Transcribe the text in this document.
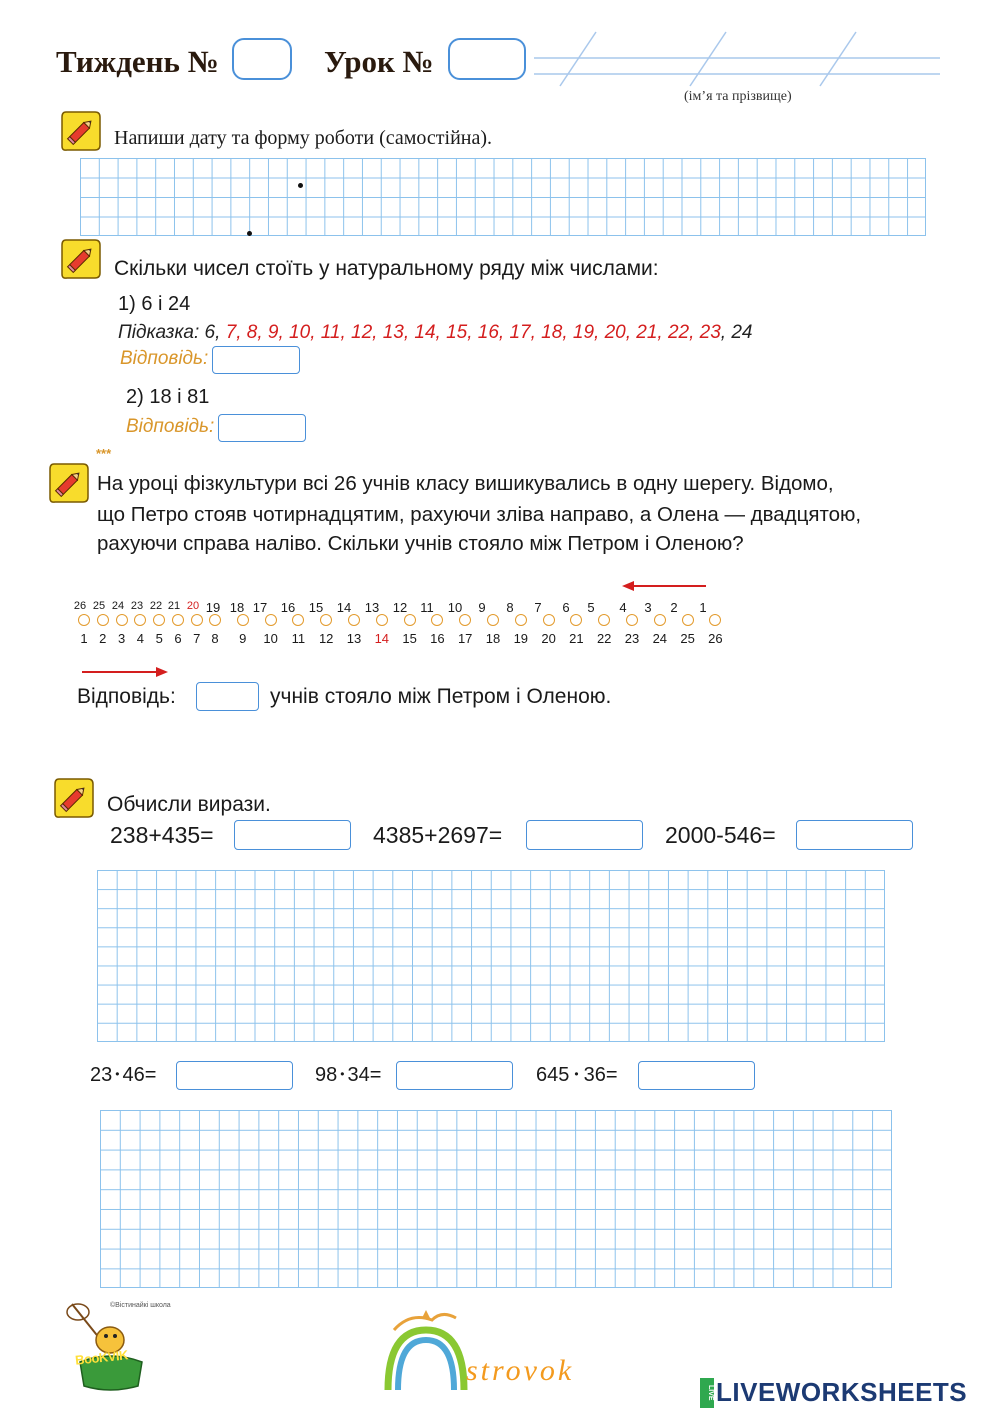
Тиждень №	Урок №
(ім’я та прізвище)
Напиши дату та форму роботи (самостійна).
Скільки чисел стоїть у натуральному ряду між числами:
1) 6 і 24
Підказка: 6, 7, 8, 9, 10, 11, 12, 13, 14, 15, 16, 17, 18, 19, 20, 21, 22, 23, 24
Відповідь:
2) 18 і 81
Відповідь:
***
На уроці фізкультури всі 26 учнів класу вишикувались в одну шерегу. Відомо,
що Петро стояв чотирнадцятим, рахуючи зліва направо, а Олена — двадцятою,
рахуючи справа наліво. Скільки учнів стояло між Петром і Оленою?
Відповідь:	учнів стояло між Петром і Оленою.
Обчисли вирази.
238+435=	4385+2697=	2000-546=
23 • 46=	98 • 34=	645 • 36=
©Вістинайкі школа
BooKVIK	strovok
LIVE LIVEWORKSHEETS
26 25 24 23 22 21 20 19 18 17 16 15 14 13 12	11	10	9	8	7	6	5	4	3	2	1
1 2 3 4 5 6 7 8	9	10	11	12 13 14 15 16 17 18 19 20 21 22 23 24 25 26
